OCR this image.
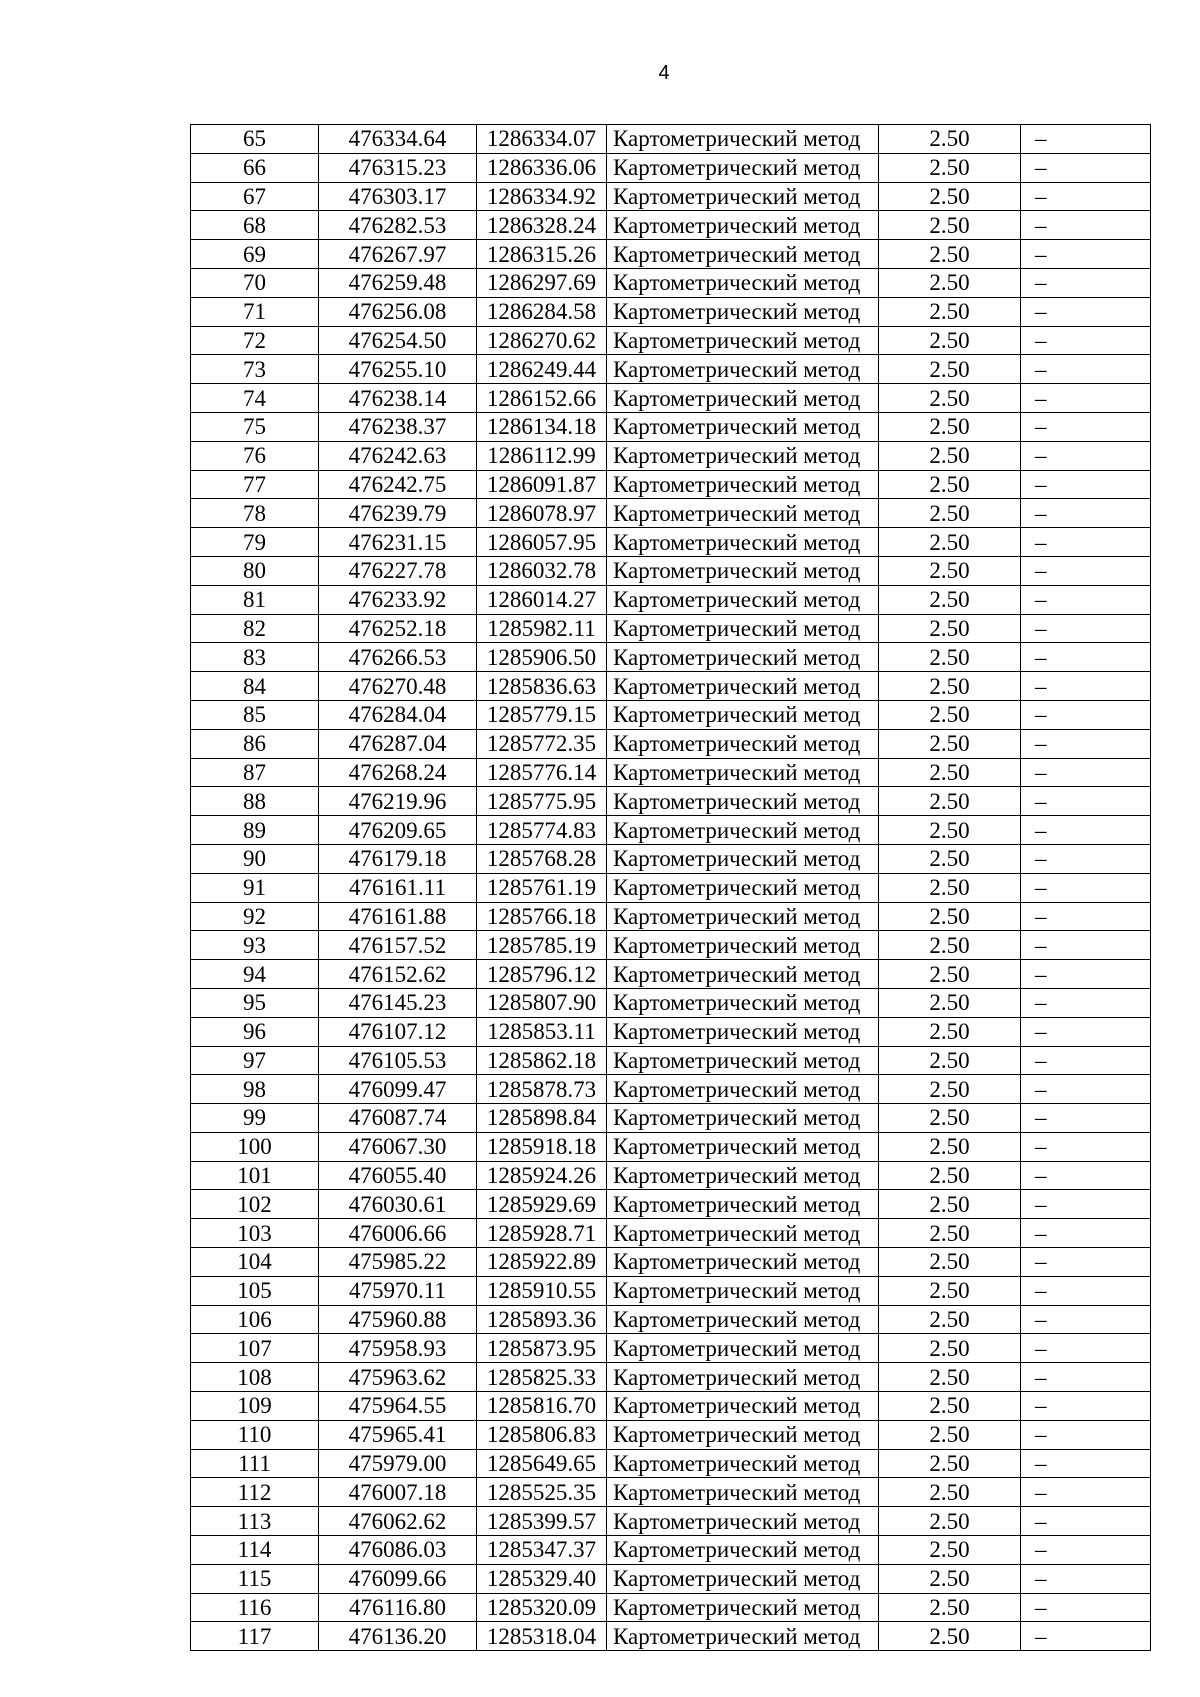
4
65	476334.64	1286334.07	Картометрический метод	2.50	–
66	476315.23	1286336.06	Картометрический метод	2.50	–
67	476303.17	1286334.92	Картометрический метод	2.50	–
68	476282.53	1286328.24	Картометрический метод	2.50	–
69	476267.97	1286315.26	Картометрический метод	2.50	–
70	476259.48	1286297.69	Картометрический метод	2.50	–
71	476256.08	1286284.58	Картометрический метод	2.50	–
72	476254.50	1286270.62	Картометрический метод	2.50	–
73	476255.10	1286249.44	Картометрический метод	2.50	–
74	476238.14	1286152.66	Картометрический метод	2.50	–
75	476238.37	1286134.18	Картометрический метод	2.50	–
76	476242.63	1286112.99	Картометрический метод	2.50	–
77	476242.75	1286091.87	Картометрический метод	2.50	–
78	476239.79	1286078.97	Картометрический метод	2.50	–
79	476231.15	1286057.95	Картометрический метод	2.50	–
80	476227.78	1286032.78	Картометрический метод	2.50	–
81	476233.92	1286014.27	Картометрический метод	2.50	–
82	476252.18	1285982.11	Картометрический метод	2.50	–
83	476266.53	1285906.50	Картометрический метод	2.50	–
84	476270.48	1285836.63	Картометрический метод	2.50	–
85	476284.04	1285779.15	Картометрический метод	2.50	–
86	476287.04	1285772.35	Картометрический метод	2.50	–
87	476268.24	1285776.14	Картометрический метод	2.50	–
88	476219.96	1285775.95	Картометрический метод	2.50	–
89	476209.65	1285774.83	Картометрический метод	2.50	–
90	476179.18	1285768.28	Картометрический метод	2.50	–
91	476161.11	1285761.19	Картометрический метод	2.50	–
92	476161.88	1285766.18	Картометрический метод	2.50	–
93	476157.52	1285785.19	Картометрический метод	2.50	–
94	476152.62	1285796.12	Картометрический метод	2.50	–
95	476145.23	1285807.90	Картометрический метод	2.50	–
96	476107.12	1285853.11	Картометрический метод	2.50	–
97	476105.53	1285862.18	Картометрический метод	2.50	–
98	476099.47	1285878.73	Картометрический метод	2.50	–
99	476087.74	1285898.84	Картометрический метод	2.50	–
100	476067.30	1285918.18	Картометрический метод	2.50	–
101	476055.40	1285924.26	Картометрический метод	2.50	–
102	476030.61	1285929.69	Картометрический метод	2.50	–
103	476006.66	1285928.71	Картометрический метод	2.50	–
104	475985.22	1285922.89	Картометрический метод	2.50	–
105	475970.11	1285910.55	Картометрический метод	2.50	–
106	475960.88	1285893.36	Картометрический метод	2.50	–
107	475958.93	1285873.95	Картометрический метод	2.50	–
108	475963.62	1285825.33	Картометрический метод	2.50	–
109	475964.55	1285816.70	Картометрический метод	2.50	–
110	475965.41	1285806.83	Картометрический метод	2.50	–
111	475979.00	1285649.65	Картометрический метод	2.50	–
112	476007.18	1285525.35	Картометрический метод	2.50	–
113	476062.62	1285399.57	Картометрический метод	2.50	–
114	476086.03	1285347.37	Картометрический метод	2.50	–
115	476099.66	1285329.40	Картометрический метод	2.50	–
116	476116.80	1285320.09	Картометрический метод	2.50	–
117	476136.20	1285318.04	Картометрический метод	2.50	–
